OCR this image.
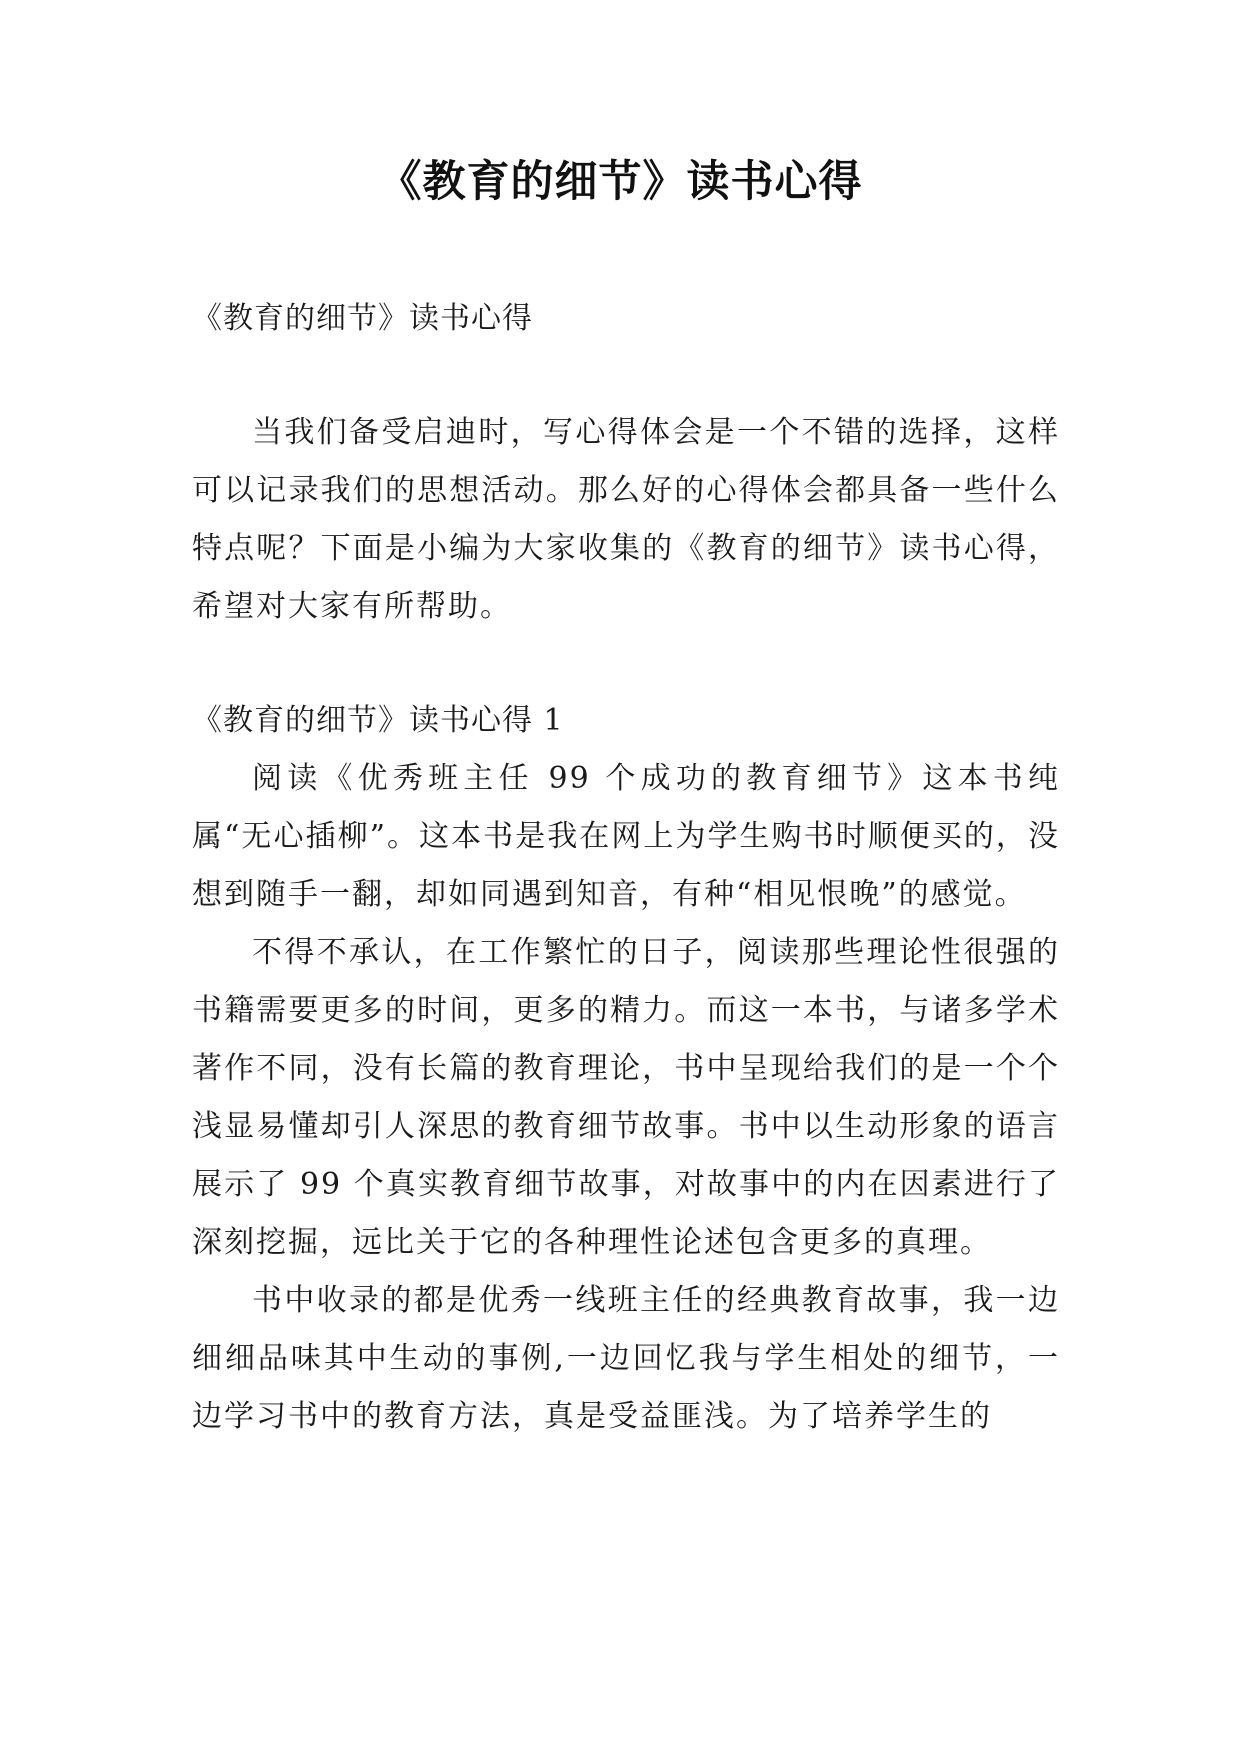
《教育的细节》读书心得

《教育的细节》读书心得

当我们备受启迪时，写心得体会是一个不错的选择，这样可以记录我们的思想活动。那么好的心得体会都具备一些什么特点呢？下面是小编为大家收集的《教育的细节》读书心得，希望对大家有所帮助。

《教育的细节》读书心得 1

阅读《优秀班主任 99 个成功的教育细节》这本书纯属“无心插柳”。这本书是我在网上为学生购书时顺便买的，没想到随手一翻，却如同遇到知音，有种“相见恨晚”的感觉。

不得不承认，在工作繁忙的日子，阅读那些理论性很强的书籍需要更多的时间，更多的精力。而这一本书，与诸多学术著作不同，没有长篇的教育理论，书中呈现给我们的是一个个浅显易懂却引人深思的教育细节故事。书中以生动形象的语言展示了 99 个真实教育细节故事，对故事中的内在因素进行了深刻挖掘，远比关于它的各种理性论述包含更多的真理。

书中收录的都是优秀一线班主任的经典教育故事，我一边细细品味其中生动的事例,一边回忆我与学生相处的细节，一边学习书中的教育方法，真是受益匪浅。为了培养学生的
